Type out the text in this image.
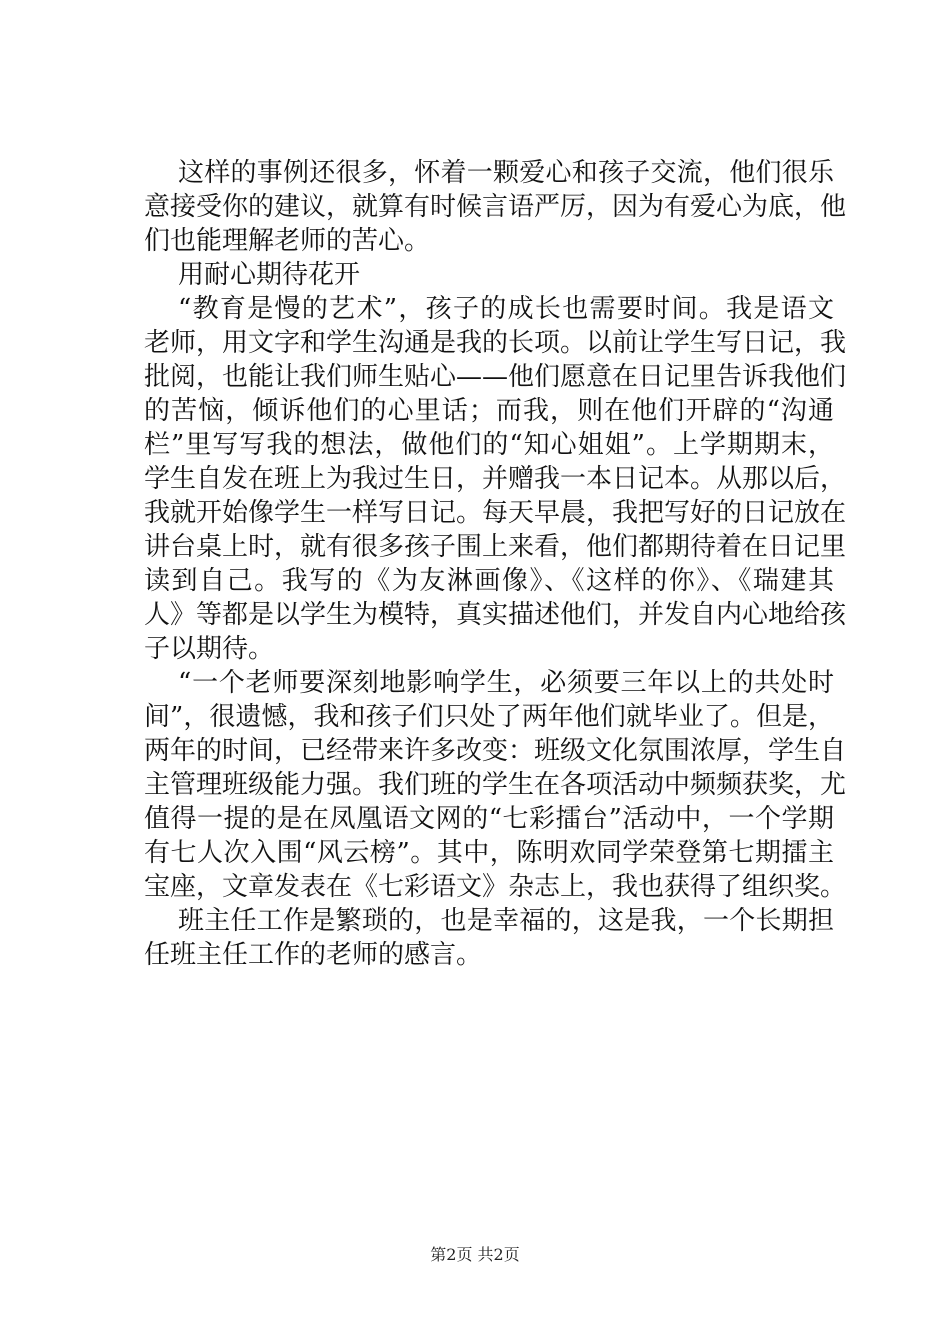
这样的事例还很多，怀着一颗爱心和孩子交流，他们很乐
意接受你的建议，就算有时候言语严厉，因为有爱心为底，他
们也能理解老师的苦心。
用耐心期待花开
“教育是慢的艺术”，孩子的成长也需要时间。我是语文
老师，用文字和学生沟通是我的长项。以前让学生写日记，我
批阅，也能让我们师生贴心——他们愿意在日记里告诉我他们
的苦恼，倾诉他们的心里话；而我，则在他们开辟的“沟通
栏”里写写我的想法，做他们的“知心姐姐”。上学期期末，
学生自发在班上为我过生日，并赠我一本日记本。从那以后，
我就开始像学生一样写日记。每天早晨，我把写好的日记放在
讲台桌上时，就有很多孩子围上来看，他们都期待着在日记里
读到自己。我写的《为友淋画像》、《这样的你》、《瑞建其
人》等都是以学生为模特，真实描述他们，并发自内心地给孩
子以期待。
“一个老师要深刻地影响学生，必须要三年以上的共处时
间”，很遗憾，我和孩子们只处了两年他们就毕业了。但是，
两年的时间，已经带来许多改变：班级文化氛围浓厚，学生自
主管理班级能力强。我们班的学生在各项活动中频频获奖，尤
值得一提的是在凤凰语文网的“七彩擂台”活动中，一个学期
有七人次入围“风云榜”。其中，陈明欢同学荣登第七期擂主
宝座，文章发表在《七彩语文》杂志上，我也获得了组织奖。
班主任工作是繁琐的，也是幸福的，这是我，一个长期担
任班主任工作的老师的感言。
第2页 共2页
